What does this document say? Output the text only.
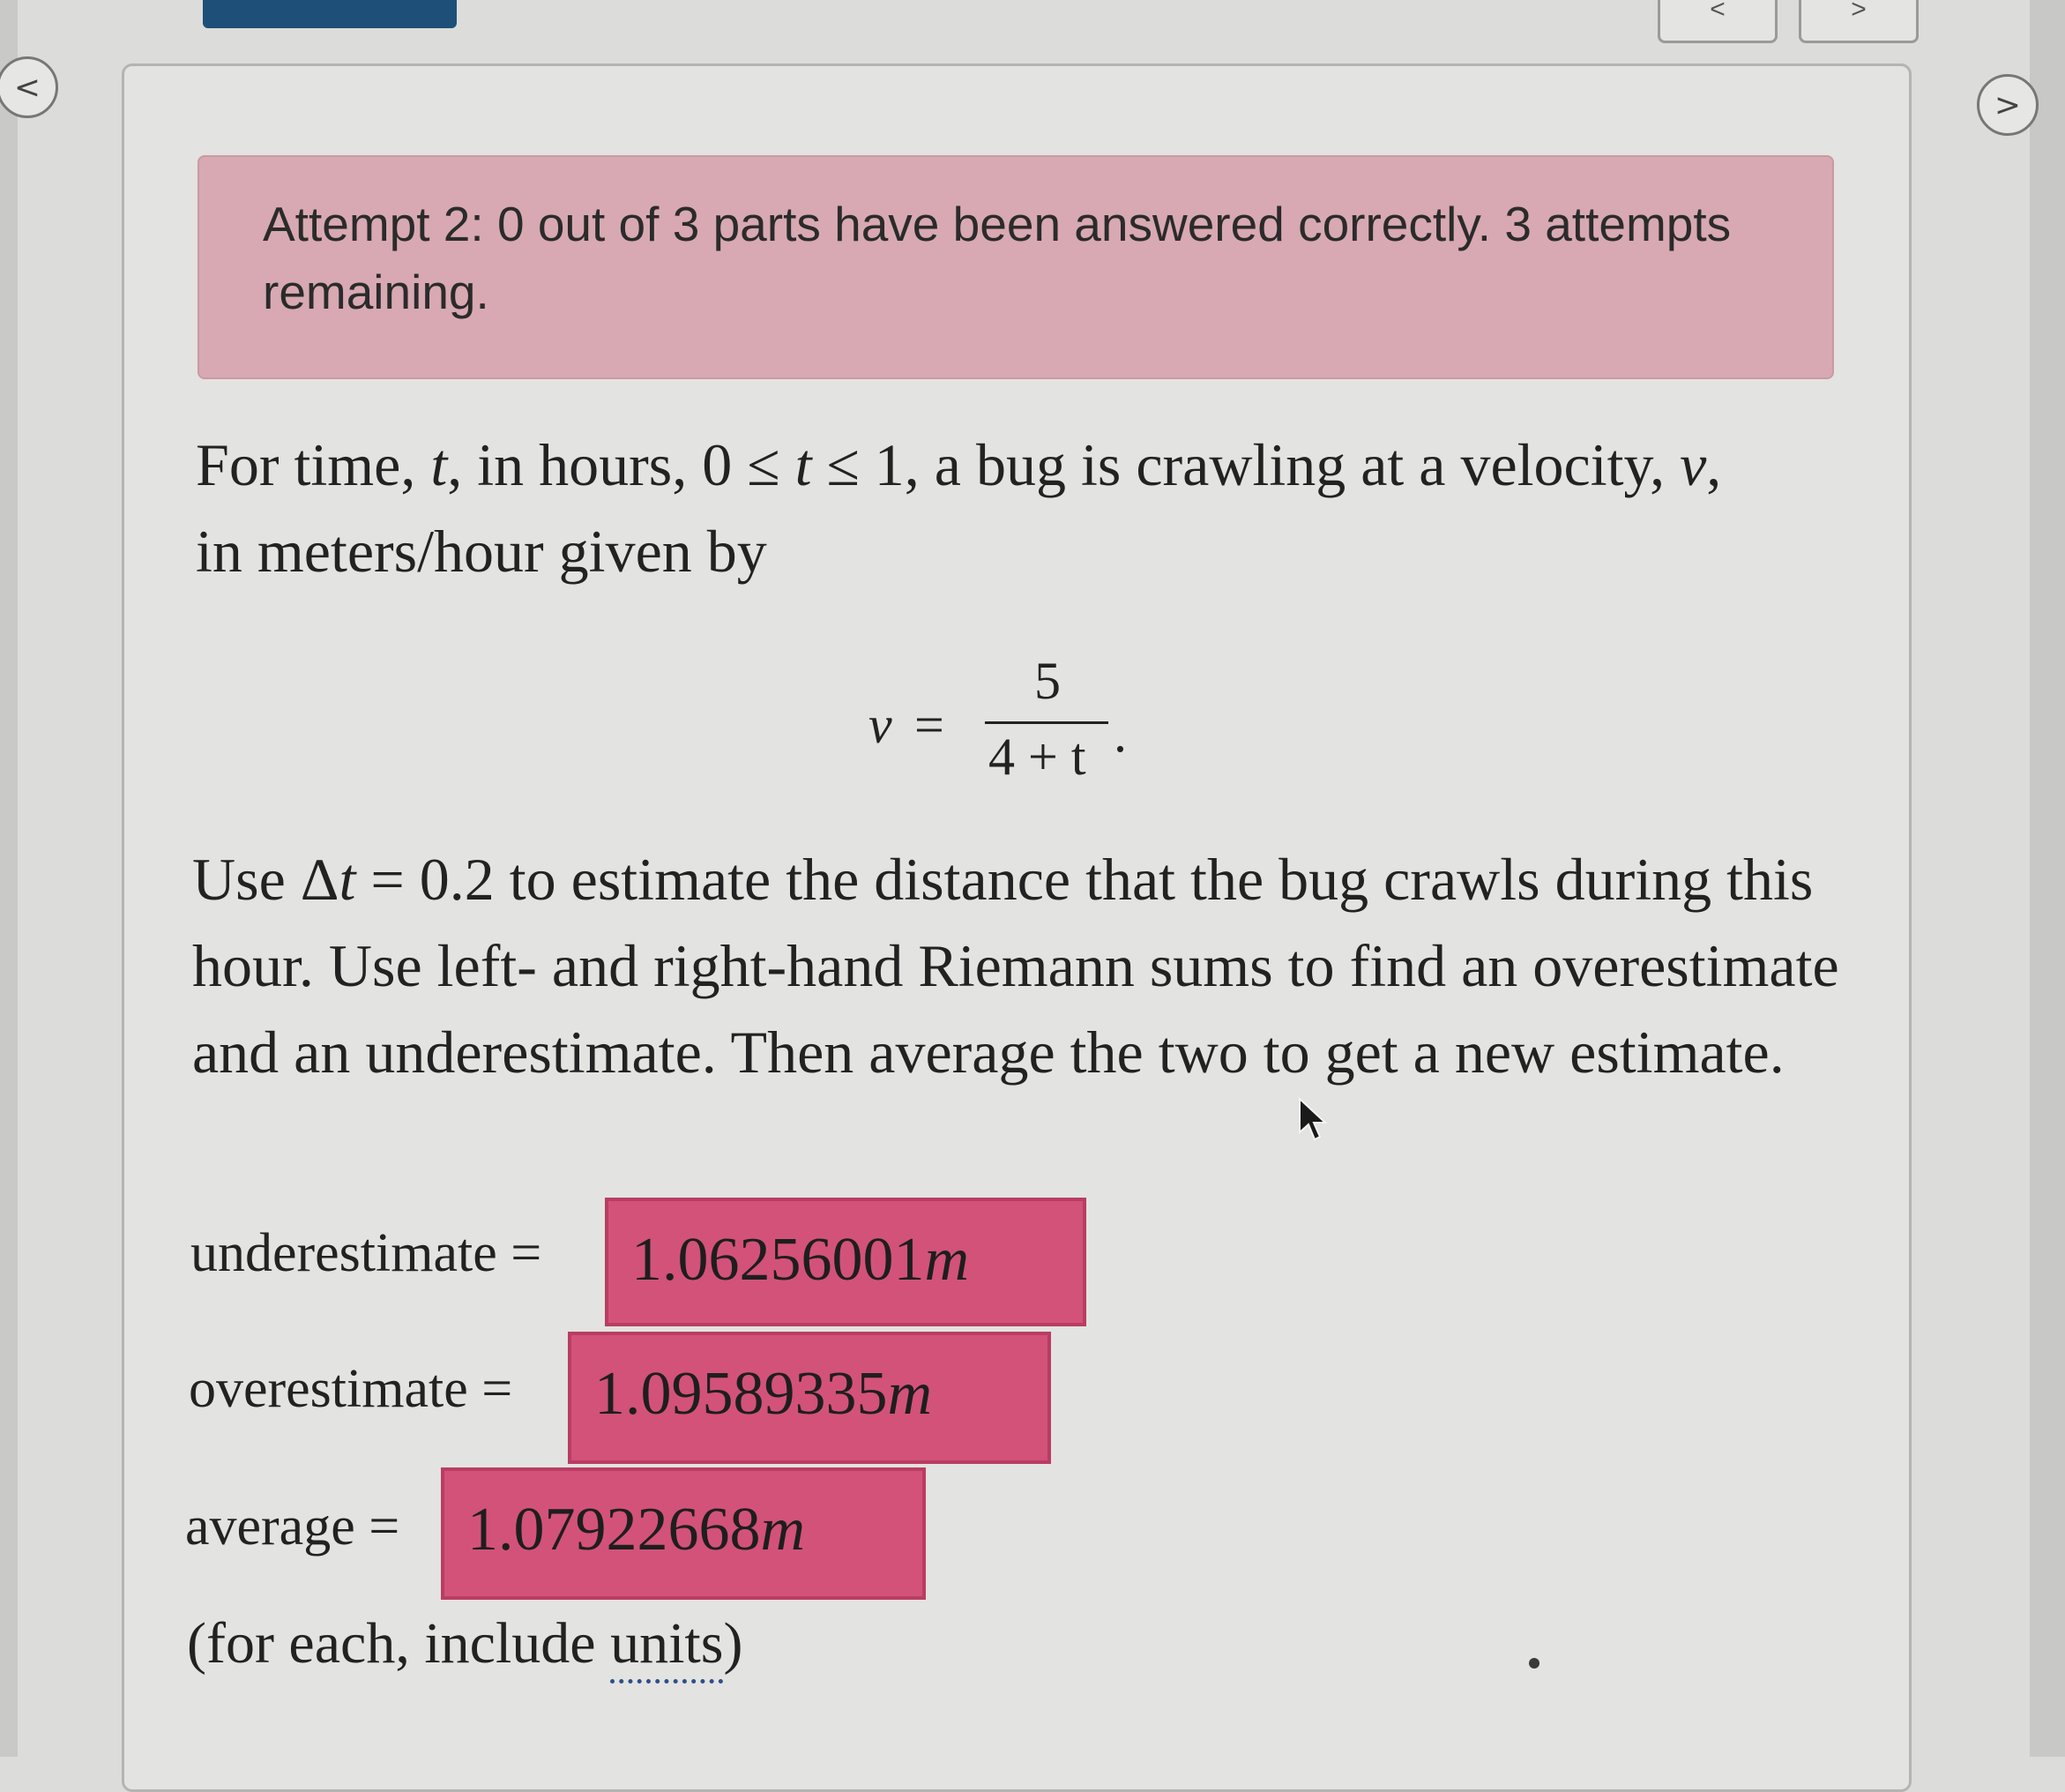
<	>
<	>
Attempt 2: 0 out of 3 parts have been answered correctly. 3 attempts remaining.
For time, t, in hours, 0 ≤ t ≤ 1, a bug is crawling at a velocity, v,
in meters/hour given by
v =
5
4 + t .
Use Δt = 0.2 to estimate the distance that the bug crawls during this hour. Use left- and right-hand Riemann sums to find an overestimate and an underestimate. Then average the two to get a new estimate.
underestimate =	1.06256001m
overestimate =	1.09589335m
average =	1.07922668m
(for each, include units)
